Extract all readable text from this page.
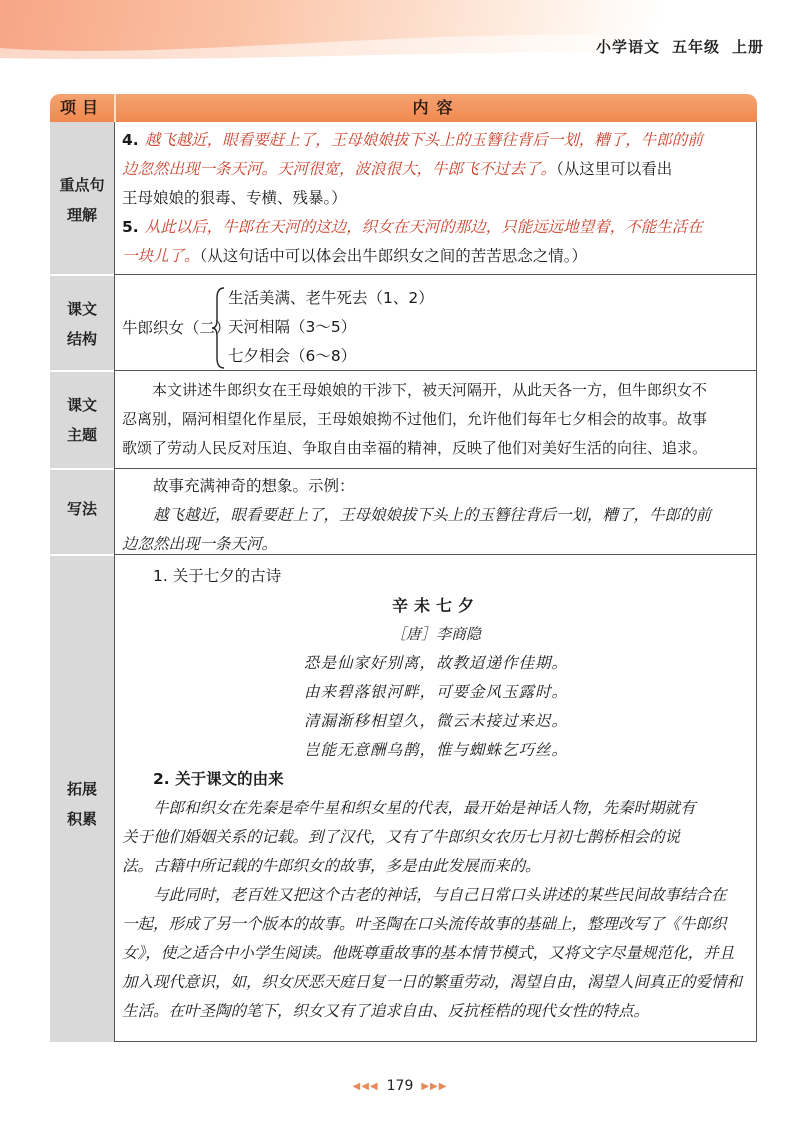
小学语文 五年级 上册
项目	内容
重点句
理解
4. 越飞越近，眼看要赶上了，王母娘娘拔下头上的玉簪往背后一划，糟了，牛郎的前
边忽然出现一条天河。天河很宽，波浪很大，牛郎飞不过去了。（从这里可以看出
王母娘娘的狠毒、专横、残暴。）
5. 从此以后，牛郎在天河的这边，织女在天河的那边，只能远远地望着，不能生活在
一块儿了。（从这句话中可以体会出牛郎织女之间的苦苦思念之情。）
课文
结构
牛郎织女（二）
生活美满、老牛死去（1、2）
天河相隔（3～5）
七夕相会（6～8）
课文
主题
本文讲述牛郎织女在王母娘娘的干涉下，被天河隔开，从此天各一方，但牛郎织女不
忍离别，隔河相望化作星辰，王母娘娘拗不过他们，允许他们每年七夕相会的故事。故事
歌颂了劳动人民反对压迫、争取自由幸福的精神，反映了他们对美好生活的向往、追求。
写法
故事充满神奇的想象。示例：
越飞越近，眼看要赶上了，王母娘娘拔下头上的玉簪往背后一划，糟了，牛郎的前
边忽然出现一条天河。
拓展
积累
1. 关于七夕的古诗
辛未七夕
［唐］李商隐
恐是仙家好别离，故教迢递作佳期。
由来碧落银河畔，可要金风玉露时。
清漏渐移相望久，微云未接过来迟。
岂能无意酬乌鹊，惟与蜘蛛乞巧丝。
2. 关于课文的由来
牛郎和织女在先秦是牵牛星和织女星的代表，最开始是神话人物，先秦时期就有
关于他们婚姻关系的记载。到了汉代，又有了牛郎织女农历七月初七鹊桥相会的说
法。古籍中所记载的牛郎织女的故事，多是由此发展而来的。
与此同时，老百姓又把这个古老的神话，与自己日常口头讲述的某些民间故事结合在
一起，形成了另一个版本的故事。叶圣陶在口头流传故事的基础上，整理改写了《牛郎织
女》，使之适合中小学生阅读。他既尊重故事的基本情节模式，又将文字尽量规范化，并且
加入现代意识，如，织女厌恶天庭日复一日的繁重劳动，渴望自由，渴望人间真正的爱情和
生活。在叶圣陶的笔下，织女又有了追求自由、反抗桎梏的现代女性的特点。
◀◀◀ 179 ▶▶▶
